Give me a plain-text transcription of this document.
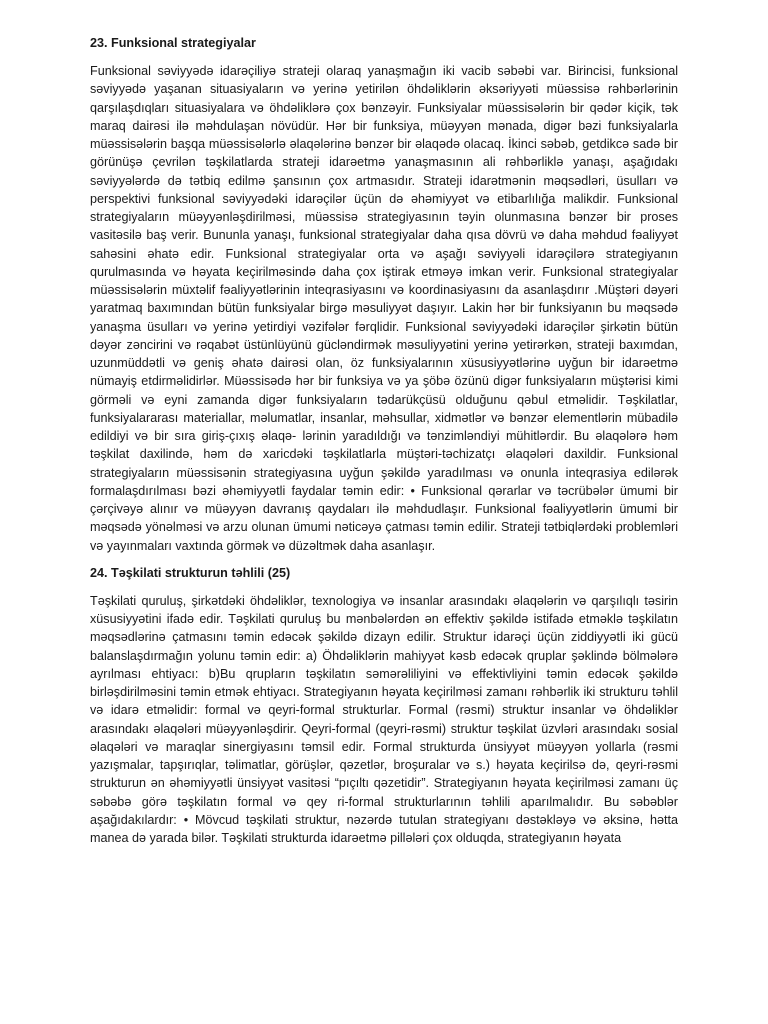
23. Funksional strategiyalar

Funksional səviyyədə idarəçiliyə strateji olaraq yanaşmağın iki vacib səbəbi var. Birincisi, funksional səviyyədə yaşanan situasiyaların və yerinə yetirilən öhdəliklərin əksəriyyəti müəssisə rəhbərlərinin qarşılaşdıqları situasiyalara və öhdəliklərə çox bənzəyir. Funksiyalar müəssisələrin bir qədər kiçik, tək maraq dairəsi ilə məhdulaşan növüdür. Hər bir funksiya, müəyyən mənada, digər bəzi funksiyalarla müəssisələrin başqa müəssisələrlə əlaqələrinə bənzər bir əlaqədə olacaq. İkinci səbəb, getdikcə sadə bir görünüşə çevrilən təşkilatlarda strateji idarəetmə yanaşmasının ali rəhbərliklə yanaşı, aşağıdakı səviyyələrdə də tətbiq edilmə şansının çox artmasıdır. Strateji idarətmənin məqsədləri, üsulları və perspektivi funksional səviyyədəki idarəçilər üçün də əhəmiyyət və etibarlılığa malikdir. Funksional strategiyaların müəyyənləşdirilməsi, müəssisə strategiyasının təyin olunmasına bənzər bir proses vasitəsilə baş verir. Bununla yanaşı, funksional strategiyalar daha qısa dövrü və daha məhdud fəaliyyət sahəsini əhatə edir. Funksional strategiyalar orta və aşağı səviyyəli idarəçilərə strategiyanın qurulmasında və həyata keçirilməsində daha çox iştirak etməyə imkan verir. Funksional strategiyalar müəssisələrin müxtəlif fəaliyyətlərinin inteqrasiyasını və koordinasiyasını da asanlaşdırır .Müştəri dəyəri yaratmaq baxımından bütün funksiyalar birgə məsuliyyət daşıyır. Lakin hər bir funksiyanın bu məqsədə yanaşma üsulları və yerinə yetirdiyi vəzifələr fərqlidir. Funksional səviyyədəki idarəçilər şirkətin bütün dəyər zəncirini və rəqabət üstünlüyünü gücləndirmək məsuliyyətini yerinə yetirərkən, strateji baxımdan, uzunmüddətli və geniş əhatə dairəsi olan, öz funksiyalarının xüsusiyyətlərinə uyğun bir idarəetmə nümayiş etdirməlidirlər. Müəssisədə hər bir funksiya və ya şöbə özünü digər funksiyaların müştərisi kimi görməli və eyni zamanda digər funksiyaların tədarükçüsü olduğunu qəbul etməlidir. Təşkilatlar, funksiyalararası materiallar, məlumatlar, insanlar, məhsullar, xidmətlər və bənzər elementlərin mübadilə edildiyi və bir sıra giriş-çıxış əlaqə- lərinin yaradıldığı və tənzimləndiyi mühitlərdir. Bu əlaqələrə həm təşkilat daxilində, həm də xaricdəki təşkilatlarla müştəri-təchizatçı əlaqələri daxildir. Funksional strategiyaların müəssisənin strategiyasına uyğun şəkildə yaradılması və onunla inteqrasiya edilərək formalaşdırılması bəzi əhəmiyyətli faydalar təmin edir: • Funksional qərarlar və təcrübələr ümumi bir çərçivəyə alınır və müəyyən davranış qaydaları ilə məhdudlaşır. Funksional fəaliyyətlərin ümumi bir məqsədə yönəlməsi və arzu olunan ümumi nəticəyə çatması təmin edilir. Strateji tətbiqlərdəki problemləri və yayınmaları vaxtında görmək və düzəltmək daha asanlaşır.

24. Təşkilati strukturun təhlili (25)

Təşkilati quruluş, şirkətdəki öhdəliklər, texnologiya və insanlar arasındakı əlaqələrin və qarşılıqlı təsirin xüsusiyyətini ifadə edir. Təşkilati quruluş bu mənbələrdən ən effektiv şəkildə istifadə etməklə təşkilatın məqsədlərinə çatmasını təmin edəcək şəkildə dizayn edilir. Struktur idarəçi üçün ziddiyyətli iki gücü balanslaşdırmağın yolunu təmin edir: a) Öhdəliklərin mahiyyət kəsb edəcək qruplar şəklində bölmələrə ayrılması ehtiyacı: b)Bu qrupların təşkilatın səmərəliliyini və effektivliyini təmin edəcək şəkildə birləşdirilməsini təmin etmək ehtiyacı. Strategiyanın həyata keçirilməsi zamanı rəhbərlik iki strukturu təhlil və idarə etməlidir: formal və qeyri-formal strukturlar. Formal (rəsmi) struktur insanlar və öhdəliklər arasındakı əlaqələri müəyyənləşdirir. Qeyri-formal (qeyri-rəsmi) struktur təşkilat üzvləri arasındakı sosial əlaqələri və maraqlar sinergiyasını təmsil edir. Formal strukturda ünsiyyət müəyyən yollarla (rəsmi yazışmalar, tapşırıqlar, təlimatlar, görüşlər, qəzetlər, broşuralar və s.) həyata keçirilsə də, qeyri-rəsmi strukturun ən əhəmiyyətli ünsiyyət vasitəsi “pıçıltı qəzetidir”. Strategiyanın həyata keçirilməsi zamanı üç səbəbə görə təşkilatın formal və qey ri-formal strukturlarının təhlili aparılmalıdır. Bu səbəblər aşağıdakılardır: • Mövcud təşkilati struktur, nəzərdə tutulan strategiyanı dəstəkləyə və əksinə, hətta manea də yarada bilər. Təşkilati strukturda idarəetmə pillələri çox olduqda, strategiyanın həyata
